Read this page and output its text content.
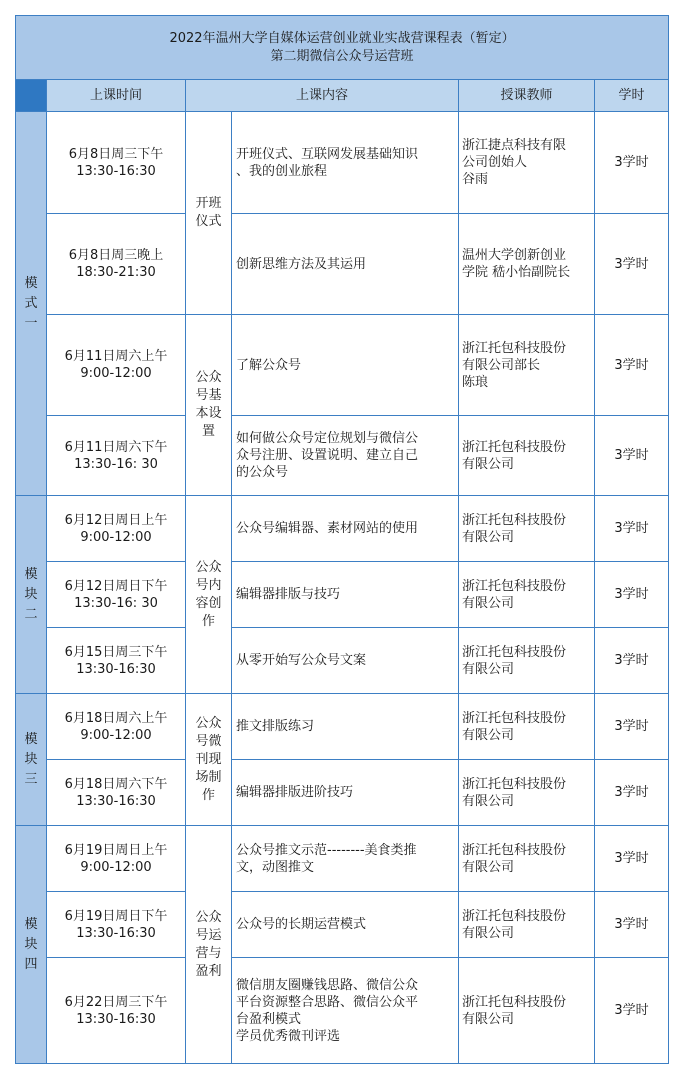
2022年温州大学自媒体运营创业就业实战营课程表（暂定）
第二期微信公众号运营班					

	上课时间	上课内容		授课教师	学时
模式一	6月8日周三下午
13:30-16:30	开班仪式	开班仪式、互联网发展基础知识
、我的创业旅程	浙江捷点科技有限
公司创始人
谷雨	3学时

	6月8日周三晚上
18:30-21:30		创新思维方法及其运用	温州大学创新创业
学院 嵇小怡副院长	3学时

	6月11日周六上午
9:00-12:00	公众号基本设置	了解公众号	浙江托包科技股份
有限公司部长
陈琅	3学时

	6月11日周六下午
13:30-16: 30		如何做公众号定位规划与微信公
众号注册、设置说明、建立自己
的公众号	浙江托包科技股份
有限公司	3学时
模块二	6月12日周日上午
9:00-12:00	公众号内容创作	公众号编辑器、素材网站的使用	浙江托包科技股份
有限公司	3学时

	6月12日周日下午
13:30-16: 30		编辑器排版与技巧	浙江托包科技股份
有限公司	3学时

	6月15日周三下午
13:30-16:30		从零开始写公众号文案	浙江托包科技股份
有限公司	3学时
模块三	6月18日周六上午
9:00-12:00	公众号微刊现场制作	推文排版练习	浙江托包科技股份
有限公司	3学时

	6月18日周六下午
13:30-16:30		编辑器排版进阶技巧	浙江托包科技股份
有限公司	3学时
模块四	6月19日周日上午
9:00-12:00	公众号运营与盈利	公众号推文示范--------美食类推
文，动图推文	浙江托包科技股份
有限公司	3学时

	6月19日周日下午
13:30-16:30		公众号的长期运营模式	浙江托包科技股份
有限公司	3学时

	6月22日周三下午
13:30-16:30		微信朋友圈赚钱思路、微信公众
平台资源整合思路、微信公众平
台盈利模式
学员优秀微刊评选	浙江托包科技股份
有限公司	3学时
